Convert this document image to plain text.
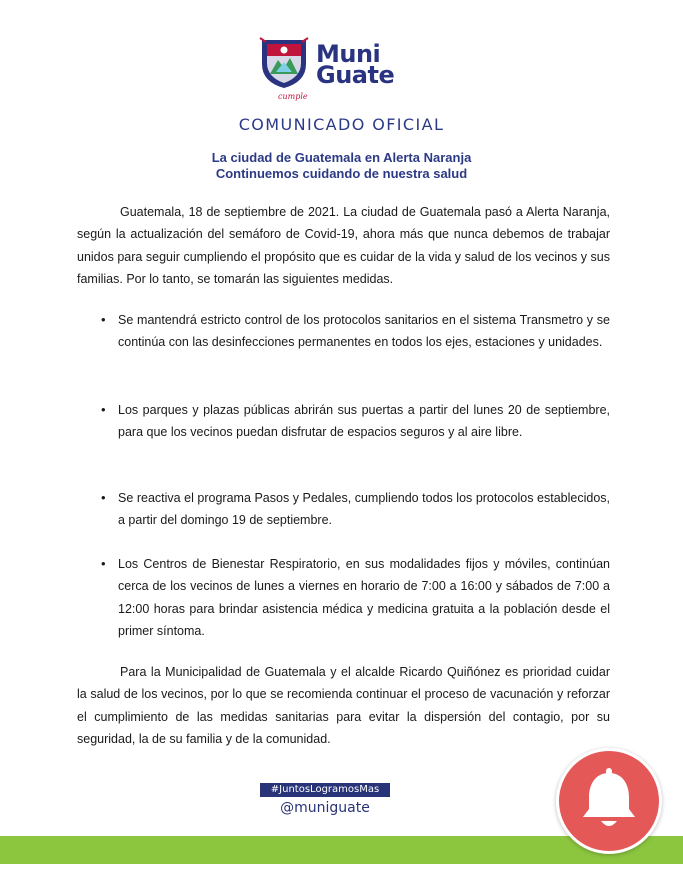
Muni
Guate
cumple
COMUNICADO OFICIAL
La ciudad de Guatemala en Alerta Naranja
Continuemos cuidando de nuestra salud

Guatemala, 18 de septiembre de 2021. La ciudad de Guatemala pasó a Alerta Naranja, según la actualización del semáforo de Covid-19, ahora más que nunca debemos de trabajar unidos para seguir cumpliendo el propósito que es cuidar de la vida y salud de los vecinos y sus familias. Por lo tanto, se tomarán las siguientes medidas.

• Se mantendrá estricto control de los protocolos sanitarios en el sistema Transmetro y se continúa con las desinfecciones permanentes en todos los ejes, estaciones y unidades.
• Los parques y plazas públicas abrirán sus puertas a partir del lunes 20 de septiembre, para que los vecinos puedan disfrutar de espacios seguros y al aire libre.
• Se reactiva el programa Pasos y Pedales, cumpliendo todos los protocolos establecidos, a partir del domingo 19 de septiembre.
• Los Centros de Bienestar Respiratorio, en sus modalidades fijos y móviles, continúan cerca de los vecinos de lunes a viernes en horario de 7:00 a 16:00 y sábados de 7:00 a 12:00 horas para brindar asistencia médica y medicina gratuita a la población desde el primer síntoma.

Para la Municipalidad de Guatemala y el alcalde Ricardo Quiñónez es prioridad cuidar la salud de los vecinos, por lo que se recomienda continuar el proceso de vacunación y reforzar el cumplimiento de las medidas sanitarias para evitar la dispersión del contagio, por su seguridad, la de su familia y de la comunidad.

#JuntosLogramosMas
@muniguate
